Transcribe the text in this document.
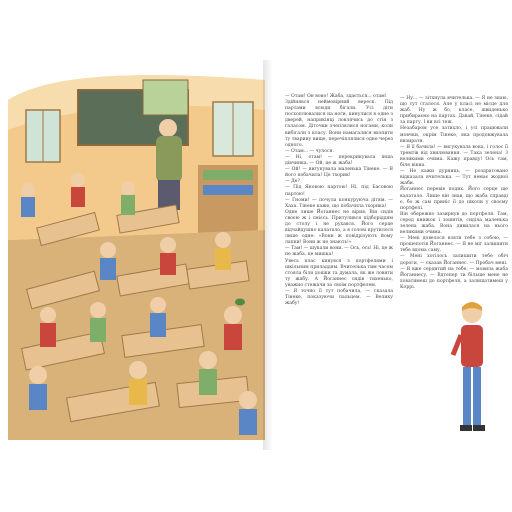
— Отам! Он воно! Жаба, здається... отам!

Здійнявся неймовірний вереск. Під партами всюди бігали. Усі діти посхоплювалися на ноги, кинулися в одне з дверей, наприкінці ловлячись до стін з галасом. Діточки зчеплялися ногами, коли вибігали з класу. Вони намагалися вхопити ту тварину вище, перечіплялися одне через одного.

— Отам... — чулося.

— Ні, отам! — перекрикувала інша дівчинка. — Ой, це ж жаба!

— Ой! — вигукувала маленька Тінеке. — Я його побачила! Це тхорик!

— Де?

— Під Яновою партою! Ні, під Басовою партою!

— Гноми! — почула конкуруюча дітям. — Хаха. Тінеке каже, що побачила тхорика!

Одне лише Йоганнес не вірив. Він сидів своєю ж і смієсь. Притулився підборіддям до столу і не рухався. Його серце відчайдушно калатало, а в голові крутилося лише одне: «Вони ж повідрізують йому лапки! Вони ж не знають!»

— Там! — шукали вони. — Ось, ось! Ні, це ж не жаба, це мишка!

Увесь клас кинувся з портфелями і шкільним приладдям. Вчителька тим часом стояла біля дошки та думала, як же ловити ту жабу. А Йоганнес сидів тихенько, уважно стежачи за своїм портфелем.

— Я точно її тут побачила, — сказала Тінеке, показуючи пальцем. — Велику жабу!

— Ну... — зітхнула вчителька. — Я не знаю, що тут сталося. Але у класі не місце для жаб. Ну ж бо, класе, швиденько прибираємо на партах. Давай, Тінеке, сідай за парту. І ви всі теж.

Незабаром усе затихло, і усі працювали мовчки, окрім Тінеке, яка продовжувала визирати.

— Я її бачила! — вигукувала вона, і голос її тремтів від хвилювання. — Така зелена! З великими очима. Кажу правду! Ось там, біля вікна.

— Не кажи дурниць, — роздратовано відказала вчителька. — Тут немає жодної жаби.

Йоганнес перевів подих. Його серце ще калатало. Лише він знав, що жаба справді є, бо ж сам приніс її до школи у своєму портфелі.

Він обережно зазирнув до портфеля. Там, серед книжок і зошитів, сиділа маленька зелена жаба. Вона дивилася на нього великими очима.

— Мені довелося взяти тебе з собою, — прошепотів Йоганнес. — Я не міг залишити тебе вдома саму.

— Мені хотілось залишити тебе обіч дороги, — сказав Йоганнес. — Пробач мені.

— Я вже сердитий на тебе, — мовила жаба Йоганнесу. — Вдтепер ти більше мене не ховатимеш до портфеля, а залишатимеш у Коррі.
